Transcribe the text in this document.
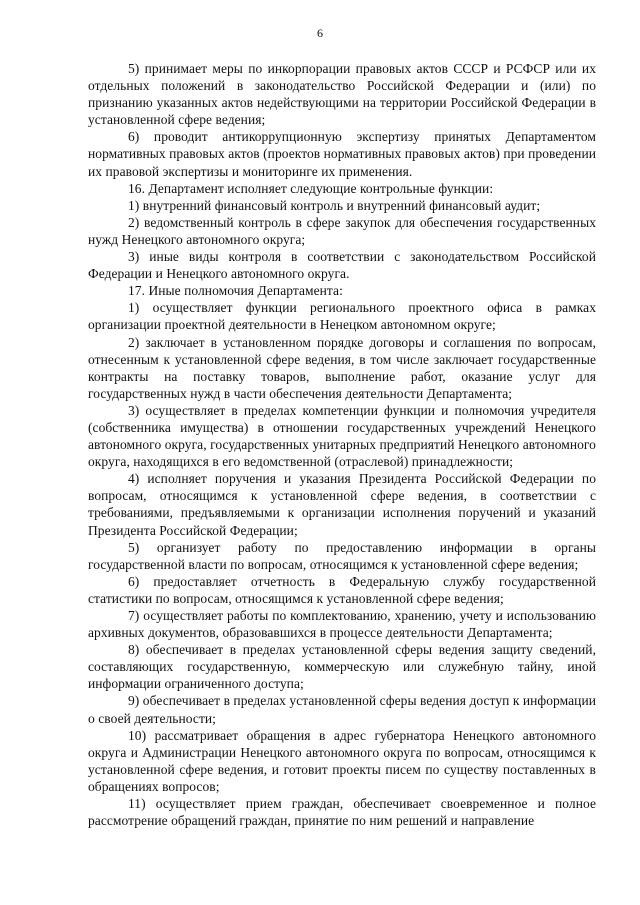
6

5) принимает меры по инкорпорации правовых актов СССР и РСФСР или их отдельных положений в законодательство Российской Федерации и (или) по признанию указанных актов недействующими на территории Российской Федерации в установленной сфере ведения;

6) проводит антикоррупционную экспертизу принятых Департаментом нормативных правовых актов (проектов нормативных правовых актов) при проведении их правовой экспертизы и мониторинге их применения.

16. Департамент исполняет следующие контрольные функции:

1) внутренний финансовый контроль и внутренний финансовый аудит;

2) ведомственный контроль в сфере закупок для обеспечения государственных нужд Ненецкого автономного округа;

3) иные виды контроля в соответствии с законодательством Российской Федерации и Ненецкого автономного округа.

17. Иные полномочия Департамента:

1) осуществляет функции регионального проектного офиса в рамках организации проектной деятельности в Ненецком автономном округе;

2) заключает в установленном порядке договоры и соглашения по вопросам, отнесенным к установленной сфере ведения, в том числе заключает государственные контракты на поставку товаров, выполнение работ, оказание услуг для государственных нужд в части обеспечения деятельности Департамента;

3) осуществляет в пределах компетенции функции и полномочия учредителя (собственника имущества) в отношении государственных учреждений Ненецкого автономного округа, государственных унитарных предприятий Ненецкого автономного округа, находящихся в его ведомственной (отраслевой) принадлежности;

4) исполняет поручения и указания Президента Российской Федерации по вопросам, относящимся к установленной сфере ведения, в соответствии с требованиями, предъявляемыми к организации исполнения поручений и указаний Президента Российской Федерации;

5) организует работу по предоставлению информации в органы государственной власти по вопросам, относящимся к установленной сфере ведения;

6) предоставляет отчетность в Федеральную службу государственной статистики по вопросам, относящимся к установленной сфере ведения;

7) осуществляет работы по комплектованию, хранению, учету и использованию архивных документов, образовавшихся в процессе деятельности Департамента;

8) обеспечивает в пределах установленной сферы ведения защиту сведений, составляющих государственную, коммерческую или служебную тайну, иной информации ограниченного доступа;

9) обеспечивает в пределах установленной сферы ведения доступ к информации о своей деятельности;

10) рассматривает обращения в адрес губернатора Ненецкого автономного округа и Администрации Ненецкого автономного округа по вопросам, относящимся к установленной сфере ведения, и готовит проекты писем по существу поставленных в обращениях вопросов;

11) осуществляет прием граждан, обеспечивает своевременное и полное рассмотрение обращений граждан, принятие по ним решений и направление
